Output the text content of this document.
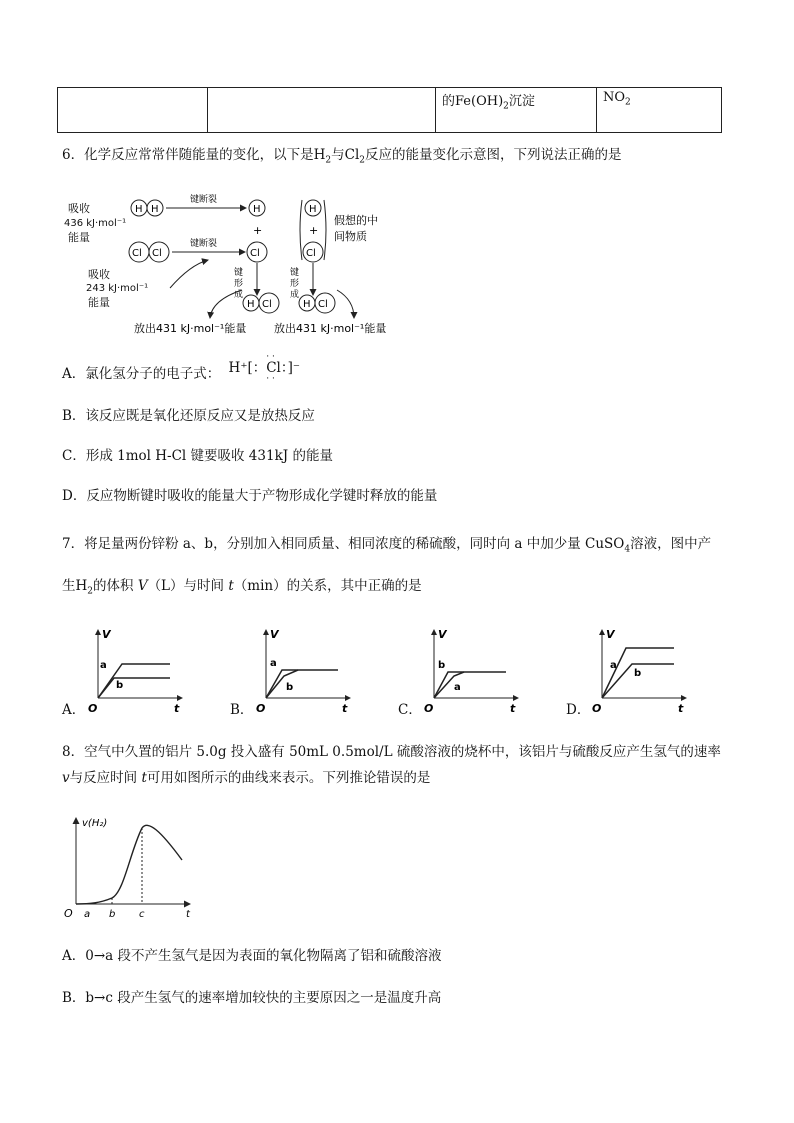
		的$Fe(OH)_2$沉淀	$NO_2$
6．化学反应常常伴随能量的变化，以下是$H_2$与$Cl_2$反应的能量变化示意图，下列说法正确的是
吸收
436 kJ·mol⁻¹
能量
吸收
243 kJ·mol⁻¹
能量
H H
键断裂
H
+
Cl Cl
键断裂
Cl
键
形
成
H Cl
H
+
Cl
假想的中
间物质
键
形
成
H Cl
放出431 kJ·mol⁻¹能量	放出431 kJ·mol⁻¹能量
A．氯化氢分子的电子式： H⁺[：
· ·
Cl
· ·
：]⁻
B．该反应既是氧化还原反应又是放热反应
C．形成 1mol H-Cl 键要吸收 431kJ 的能量
D．反应物断键时吸收的能量大于产物形成化学键时释放的能量
7．将足量两份锌粉 a、b，分别加入相同质量、相同浓度的稀硫酸，同时向 a 中加少量 CuSO$_4$溶液，图中产
生$H_2$的体积 V（L）与时间 t（min）的关系，其中正确的是
A．
a
b
V
O	t	B．
a
b
V
O	t	C．
b
a
V
O	t	D．
a
b
V
O	t
8．空气中久置的铝片 5.0g 投入盛有 50mL 0.5mol/L 硫酸溶液的烧杯中，该铝片与硫酸反应产生氢气的速率
v与反应时间 t可用如图所示的曲线来表示。下列推论错误的是
v(H₂)
O a b c	t
A．0→a 段不产生氢气是因为表面的氧化物隔离了铝和硫酸溶液
B．b→c 段产生氢气的速率增加较快的主要原因之一是温度升高
